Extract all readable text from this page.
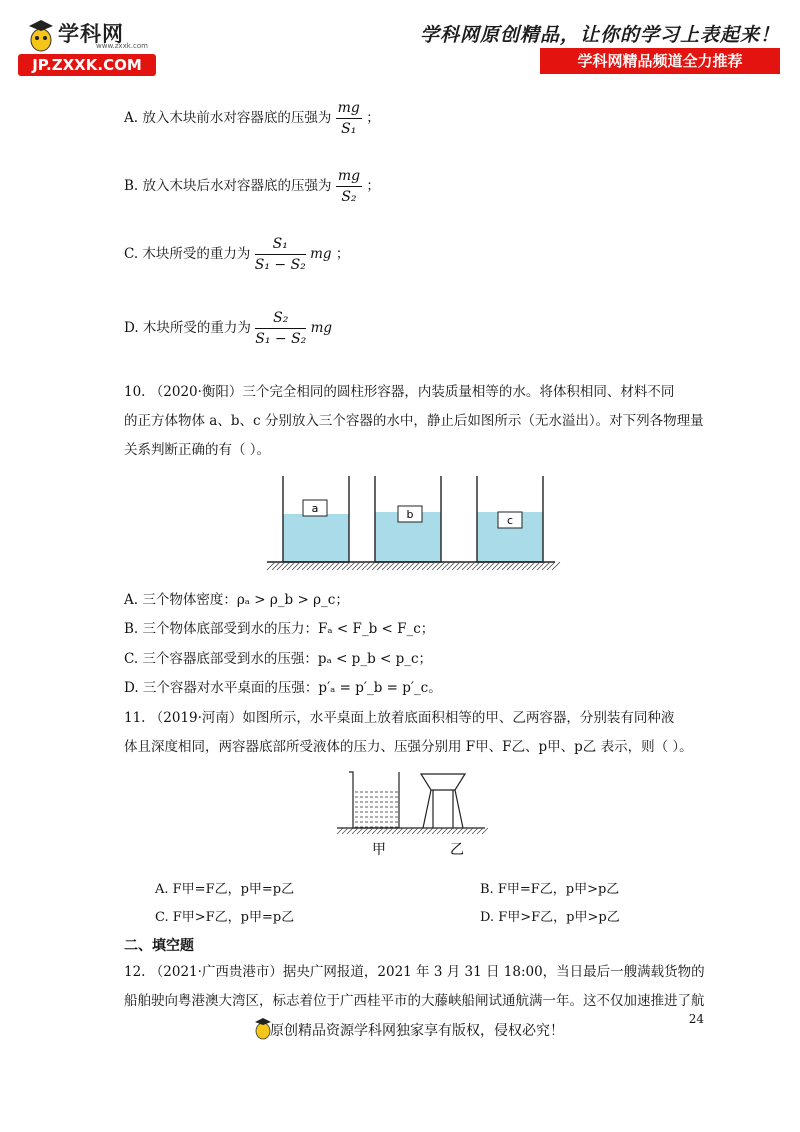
学科网
www.zxxk.com
JP.ZXXK.COM
学科网原创精品，让你的学习上表起来！
学科网精品频道全力推荐
A. 放入木块前水对容器底的压强为 $\frac{mg}{\text{S₁}}$ ；
B. 放入木块后水对容器底的压强为 $\frac{mg}{\text{S₂}}$ ；
C. 木块所受的重力为 $\frac{\text{S₁}}{\text{S₁ − S₂}}$ mg ；
D. 木块所受的重力为 $\frac{\text{S₂}}{\text{S₁ − S₂}}$ mg
10. （2020·衡阳）三个完全相同的圆柱形容器，内装质量相等的水。将体积相同、材料不同
的正方体物体 a、b、c 分别放入三个容器的水中，静止后如图所示（无水溢出）。对下列各物理量
关系判断正确的有（ ）。
a	b	c
A. 三个物体密度：ρₐ > ρ_b > ρ_c；
B. 三个物体底部受到水的压力：Fₐ < F_b < F_c；
C. 三个容器底部受到水的压强：pₐ < p_b < p_c；
D. 三个容器对水平桌面的压强：p′ₐ = p′_b = p′_c。
11. （2019·河南）如图所示，水平桌面上放着底面积相等的甲、乙两容器，分别装有同种液
体且深度相同，两容器底部所受液体的压力、压强分别用 F甲、F乙、p甲、p乙 表示，则（ ）。
甲	乙
A. F甲=F乙，p甲=p乙	B. F甲=F乙，p甲>p乙
C. F甲>F乙，p甲=p乙	D. F甲>F乙，p甲>p乙
二、填空题
12. （2021·广西贵港市）据央广网报道，2021 年 3 月 31 日 18:00，当日最后一艘满载货物的
船舶驶向粤港澳大湾区，标志着位于广西桂平市的大藤峡船闸试通航满一年。这不仅加速推进了航
24
原创精品资源学科网独家享有版权，侵权必究！
